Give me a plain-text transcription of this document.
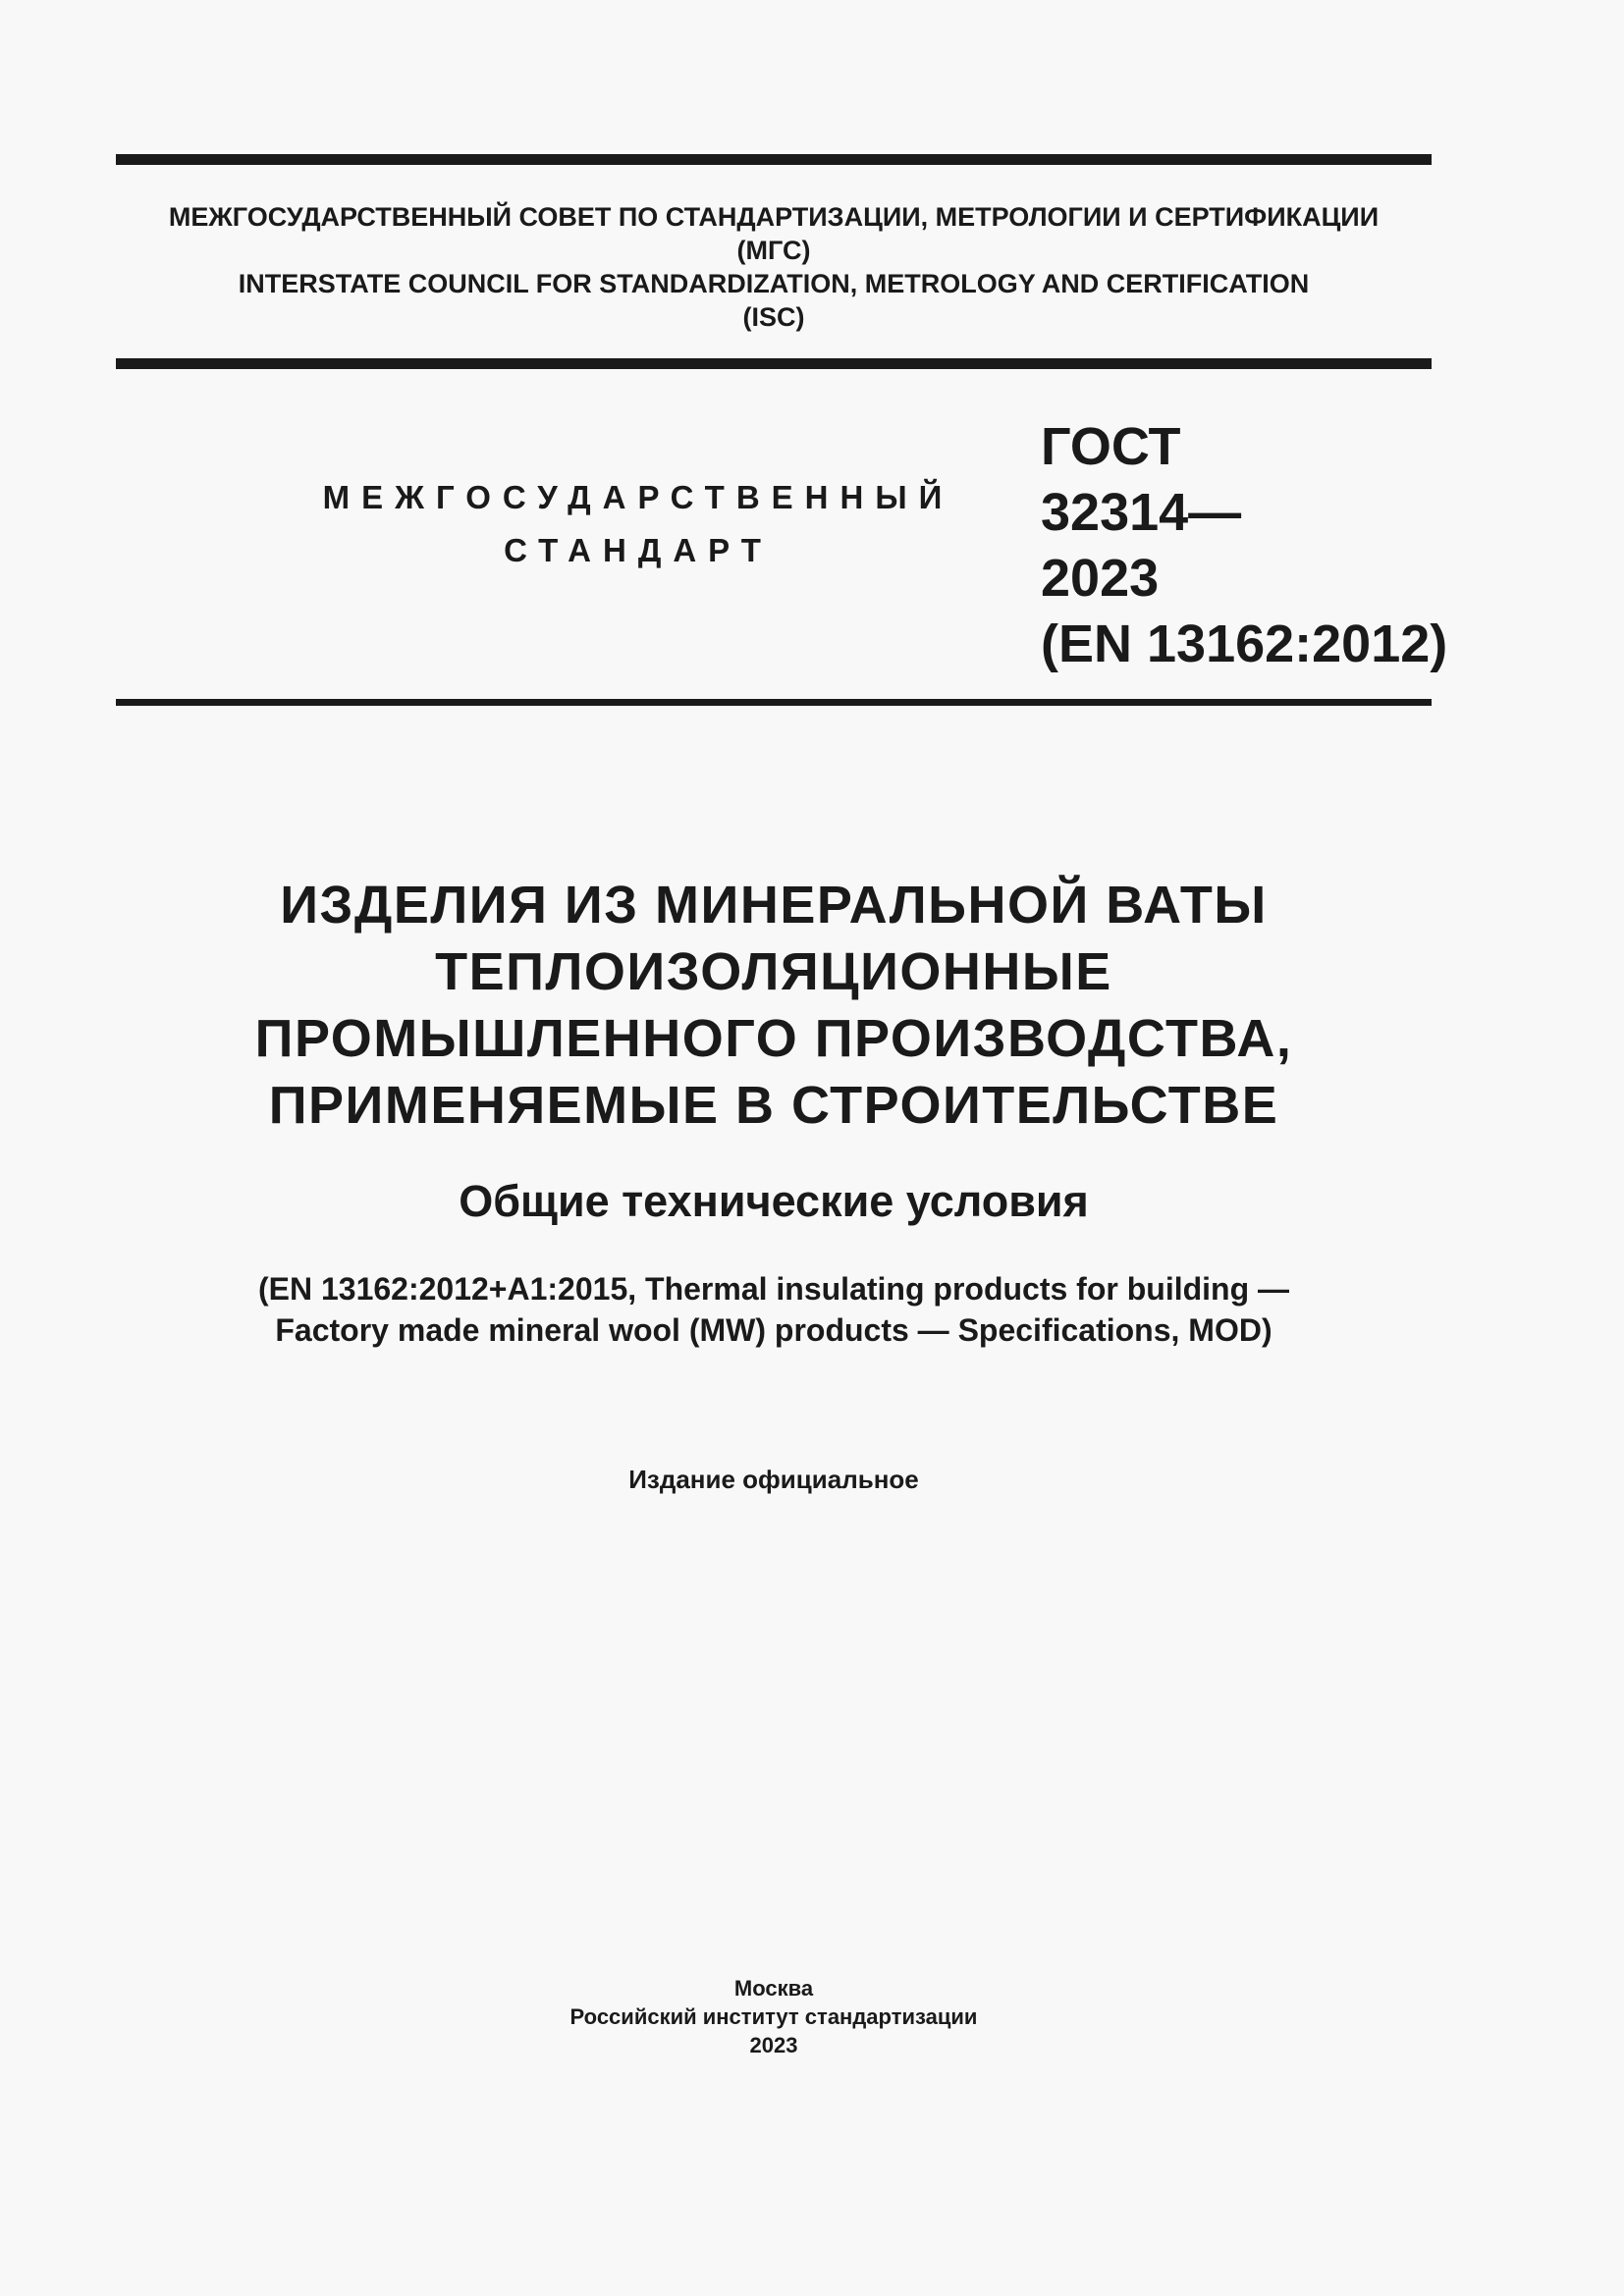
МЕЖГОСУДАРСТВЕННЫЙ СОВЕТ ПО СТАНДАРТИЗАЦИИ, МЕТРОЛОГИИ И СЕРТИФИКАЦИИ
(МГС)
INTERSTATE COUNCIL FOR STANDARDIZATION, METROLOGY AND CERTIFICATION
(ISC)
МЕЖГОСУДАРСТВЕННЫЙ
СТАНДАРТ
ГОСТ
32314—
2023
(EN 13162:2012)
ИЗДЕЛИЯ ИЗ МИНЕРАЛЬНОЙ ВАТЫ
ТЕПЛОИЗОЛЯЦИОННЫЕ
ПРОМЫШЛЕННОГО ПРОИЗВОДСТВА,
ПРИМЕНЯЕМЫЕ В СТРОИТЕЛЬСТВЕ
Общие технические условия
(EN 13162:2012+A1:2015, Thermal insulating products for building —
Factory made mineral wool (MW) products — Specifications, MOD)
Издание официальное
Москва
Российский институт стандартизации
2023
